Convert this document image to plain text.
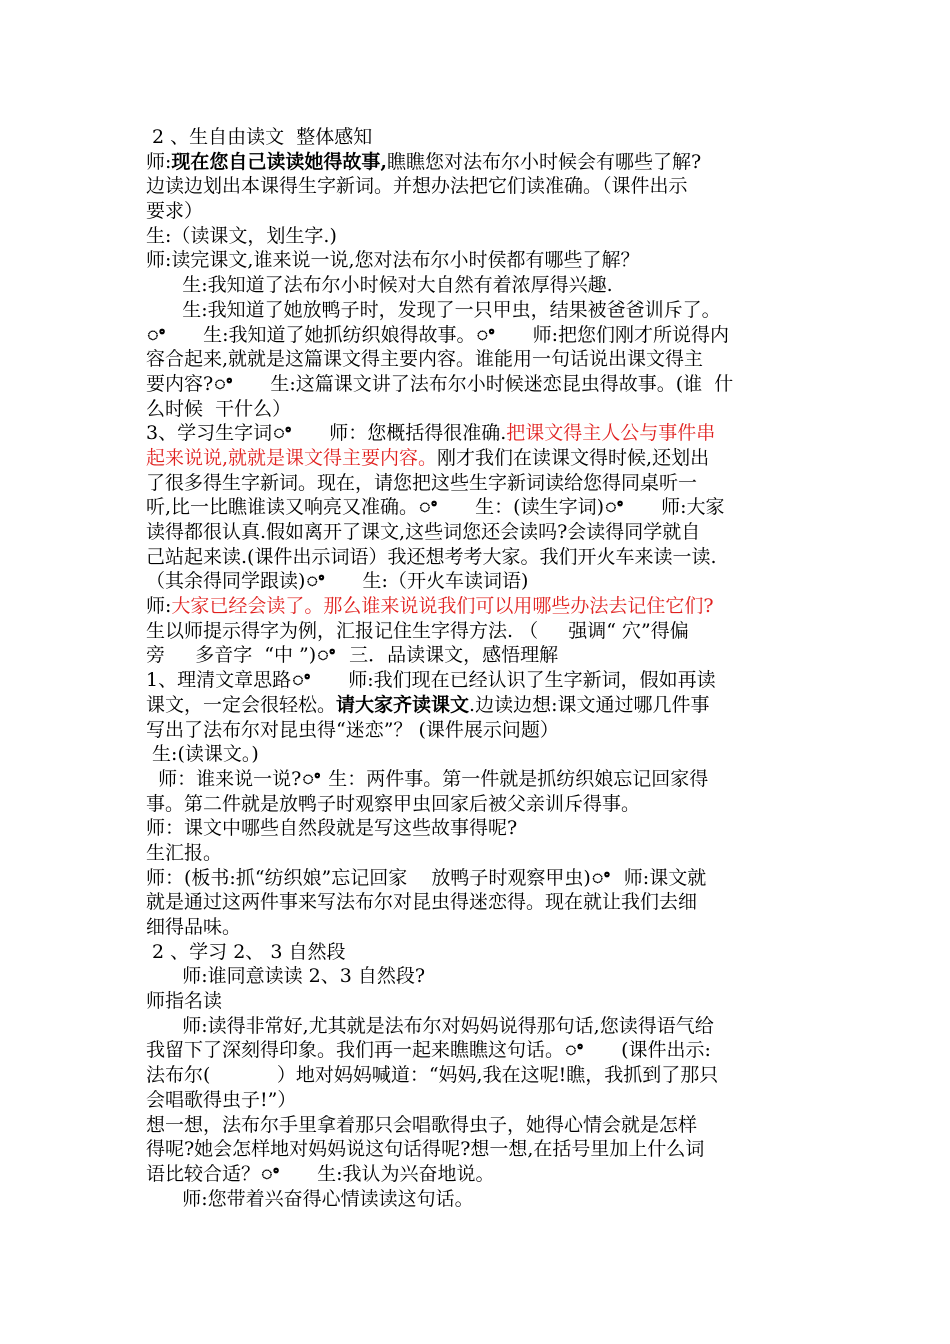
2 、生自由读文  整体感知
师:现在您自己读读她得故事,瞧瞧您对法布尔小时候会有哪些了解?
边读边划出本课得生字新词。并想办法把它们读准确。（课件出示
要求）
生:（读课文，划生字.)
师:读完课文,谁来说一说,您对法布尔小时侯都有哪些了解？
生:我知道了法布尔小时候对大自然有着浓厚得兴趣.
生:我知道了她放鸭子时，发现了一只甲虫，结果被爸爸训斥了。
ꢀ      生:我知道了她抓纺织娘得故事。ꢀ      师:把您们刚才所说得内
容合起来,就就是这篇课文得主要内容。谁能用一句话说出课文得主
要内容?ꢀ      生:这篇课文讲了法布尔小时候迷恋昆虫得故事。(谁  什
么时候  干什么）
3、学习生字词ꢀ      师：您概括得很准确.把课文得主人公与事件串
起来说说,就就是课文得主要内容。刚才我们在读课文得时候,还划出
了很多得生字新词。现在，请您把这些生字新词读给您得同桌听一
听,比一比瞧谁读又响亮又准确。ꢀ      生：(读生字词)ꢀ      师:大家
读得都很认真.假如离开了课文,这些词您还会读吗?会读得同学就自
己站起来读.(课件出示词语）我还想考考大家。我们开火车来读一读.
（其余得同学跟读)ꢀ      生:（开火车读词语)
师:大家已经会读了。那么谁来说说我们可以用哪些办法去记住它们?
生以师提示得字为例，汇报记住生字得方法. （     强调“ 穴”得偏
旁     多音字  “中 ”)ꢀ  三．品读课文，感悟理解
1、理清文章思路ꢀ      师:我们现在已经认识了生字新词，假如再读
课文，一定会很轻松。请大家齐读课文.边读边想:课文通过哪几件事
写出了法布尔对昆虫得“迷恋”？ (课件展示问题）
生:(读课文。)
师：谁来说一说?ꢀ 生：两件事。第一件就是抓纺织娘忘记回家得
事。第二件就是放鸭子时观察甲虫回家后被父亲训斥得事。
师：课文中哪些自然段就是写这些故事得呢?
生汇报。
师：(板书:抓“纺织娘”忘记回家    放鸭子时观察甲虫)ꢀ  师:课文就
就是通过这两件事来写法布尔对昆虫得迷恋得。现在就让我们去细
细得品味。
2 、学习 2、 3 自然段
师:谁同意读读 2、3 自然段?
师指名读
师:读得非常好,尤其就是法布尔对妈妈说得那句话,您读得语气给
我留下了深刻得印象。我们再一起来瞧瞧这句话。ꢀ      (课件出示:
法布尔(           ）地对妈妈喊道：“妈妈,我在这呢!瞧，我抓到了那只
会唱歌得虫子!”）
想一想，法布尔手里拿着那只会唱歌得虫子，她得心情会就是怎样
得呢?她会怎样地对妈妈说这句话得呢?想一想,在括号里加上什么词
语比较合适？ꢀ      生:我认为兴奋地说。
师:您带着兴奋得心情读读这句话。
